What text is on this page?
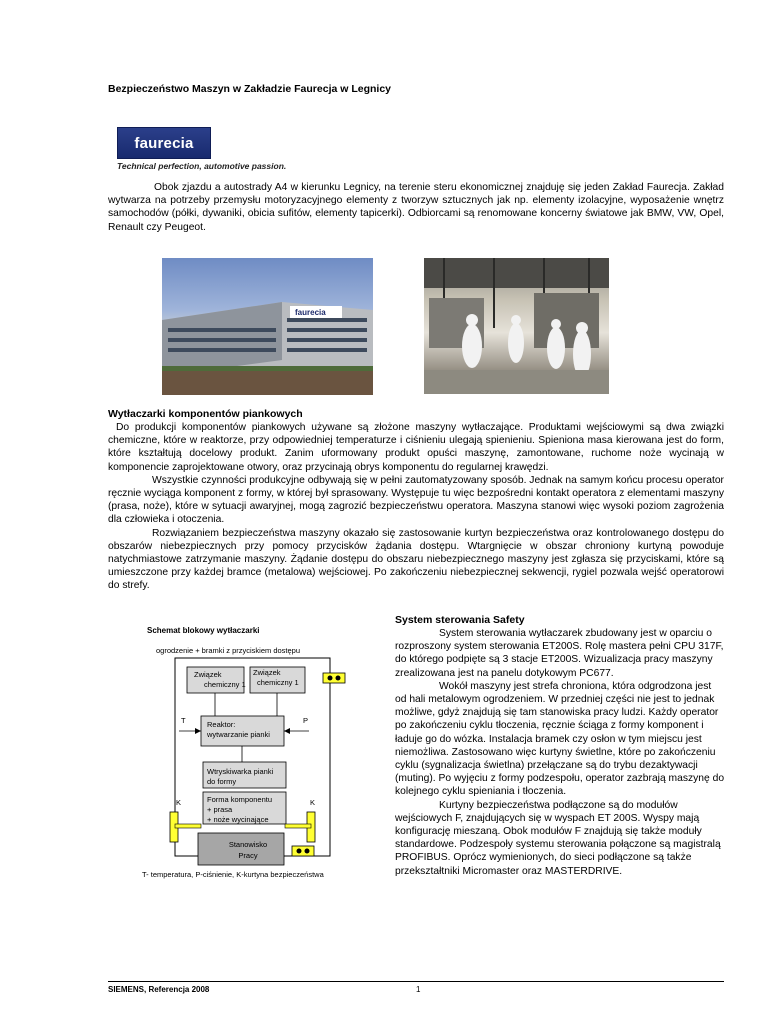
Bezpieczeństwo Maszyn w Zakładzie Faurecja w Legnicy
faurecia
Technical perfection, automotive passion.

Obok zjazdu a autostrady A4 w kierunku Legnicy, na terenie steru ekonomicznej znajduję się jeden Zakład Faurecja. Zakład wytwarza na potrzeby przemysłu motoryzacyjnego elementy z tworzyw sztucznych jak np. elementy izolacyjne, wyposażenie wnętrz samochodów (półki, dywaniki, obicia sufitów, elementy tapicerki). Odbiorcami są renomowane koncerny światowe jak BMW, VW, Opel, Renault czy Peugeot.

faurecia
Wytłaczarki komponentów piankowych
Do produkcji komponentów piankowych używane są złożone maszyny wytłaczające. Produktami wejściowymi są dwa związki chemiczne, które w reaktorze, przy odpowiedniej temperaturze i ciśnieniu ulegają spienieniu. Spieniona masa kierowana jest do form, które kształtują docelowy produkt. Zanim uformowany produkt opuści maszynę, zamontowane, ruchome noże wycinają w komponencie zaprojektowane otwory, oraz przycinają obrys komponentu do regularnej krawędzi.
Wszystkie czynności produkcyjne odbywają się w pełni zautomatyzowany sposób. Jednak na samym końcu procesu operator ręcznie wyciąga komponent z formy, w której był sprasowany. Występuje tu więc bezpośredni kontakt operatora z elementami maszyny (prasa, noże), które w sytuacji awaryjnej, mogą zagrozić bezpieczeństwu operatora. Maszyna stanowi więc wysoki poziom zagrożenia dla człowieka i otoczenia.
Rozwiązaniem bezpieczeństwa maszyny okazało się zastosowanie kurtyn bezpieczeństwa oraz kontrolowanego dostępu do obszarów niebezpiecznych przy pomocy przycisków żądania dostępu. Wtargnięcie w obszar chroniony kurtyną powoduje natychmiastowe zatrzymanie maszyny. Żądanie dostępu do obszaru niebezpiecznego maszyny jest zgłasza się przyciskami, które są umieszczone przy każdej bramce (metalowa) wejściowej. Po zakończeniu niebezpiecznej sekwencji, rygiel pozwala wejść operatorowi do strefy.
Schemat blokowy wytłaczarki
ogrodzenie + bramki z przyciskiem dostępu
Związek
chemiczny 1
Związek
chemiczny 1
T	P
Reaktor:
wytwarzanie pianki
Wtryskiwarka pianki
do formy
K	K
Forma komponentu
+ prasa
+ noże wycinające
Stanowisko
Pracy
T- temperatura, P-ciśnienie, K-kurtyna bezpieczeństwa
System sterowania Safety
System sterowania wytłaczarek zbudowany jest w oparciu o rozproszony system sterowania ET200S. Rolę mastera pełni CPU 317F, do którego podpięte są 3 stacje ET200S. Wizualizacja pracy maszyny zrealizowana jest na panelu dotykowym PC677.
Wokół maszyny jest strefa chroniona, która odgrodzona jest od hali metalowym ogrodzeniem. W przedniej części nie jest to jednak możliwe, gdyż znajdują się tam stanowiska pracy ludzi. Każdy operator po zakończeniu cyklu tłoczenia, ręcznie ściąga z formy komponent i ładuje go do wózka. Instalacja bramek czy osłon w tym miejscu jest niemożliwa. Zastosowano więc kurtyny świetlne, które po zakończeniu cyklu (sygnalizacja świetlna) przełączane są do trybu dezaktywacji (muting). Po wyjęciu z formy podzespołu, operator zazbrają maszynę do kolejnego cyklu spieniania i tłoczenia.
Kurtyny bezpieczeństwa podłączone są do modułów wejściowych F, znajdujących się w wyspach ET 200S. Wyspy mają konfigurację mieszaną. Obok modułów F znajdują się także moduły standardowe. Podzespoły systemu sterowania połączone są magistralą PROFIBUS. Oprócz wymienionych, do sieci podłączone są także przekształtniki Micromaster oraz MASTERDRIVE.
SIEMENS, Referencja 2008	1
